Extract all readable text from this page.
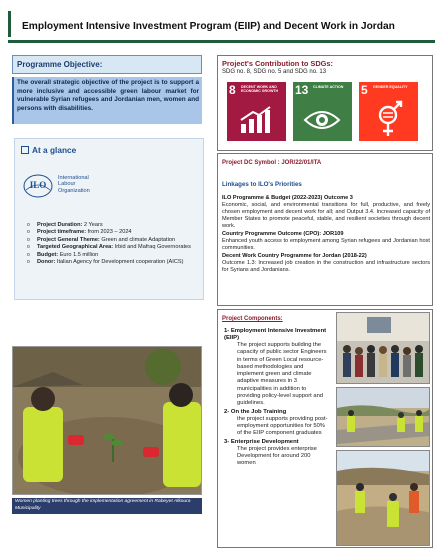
Employment Intensive Investment Program (EIIP) and Decent Work in Jordan
Programme Objective:

The overall strategic objective of the project is to support a more inclusive and accessible green labour market for vulnerable Syrian refugees and Jordanian men, women and persons with disabilities.

At a glance
ILO
International
Labour
Organization
o Project Duration: 2 Years
o Project timeframe: from 2023 – 2024
o Project General Theme: Green and climate Adaptation
o Targeted Geographical Area: Irbid and Mafraq Governorates
o Budget: Euro 1.5 million
o Donor: Italian Agency for Development cooperation (AICS)
Women planting trees through the implementation agreement in Rabeyet Alkoura Municipality
Project's Contribution to SDGs:
SDG no. 8, SDG no. 5 and SDG no. 13
8 DECENT WORK AND ECONOMIC GROWTH	13 CLIMATE ACTION	5 GENDER EQUALITY
Project DC Symbol : JOR/22/01/ITA
Linkages to ILO's Priorities
ILO Programme & Budget (2022-2023) Outcome 3
Economic, social, and environmental transitions for full, productive, and freely chosen employment and decent work for all; and Output 3.4. Increased capacity of Member States to promote peaceful, stable, and resilient societies through decent work.
Country Programme Outcome (CPO): JOR109
Enhanced youth access to employment among Syrian refugees and Jordanian host communities.
Decent Work Country Programme for Jordan (2018-22)
Outcome 1.3: Increased job creation in the construction and infrastructure sectors for Syrians and Jordanians.
Project Components:
1- Employment Intensive Investment (EIIP)
The project supports building the capacity of public sector Engineers in terms of Green Local resource-based methodologies and implement green and climate adaptive measures in 3 municipalities in addition to providing policy-level support and guidelines.
2- On the Job Training
the project supports providing post-employment opportunities for 50% of the EIIP component graduates
3- Enterprise Development
The project provides enterprise Development for around 200 women
